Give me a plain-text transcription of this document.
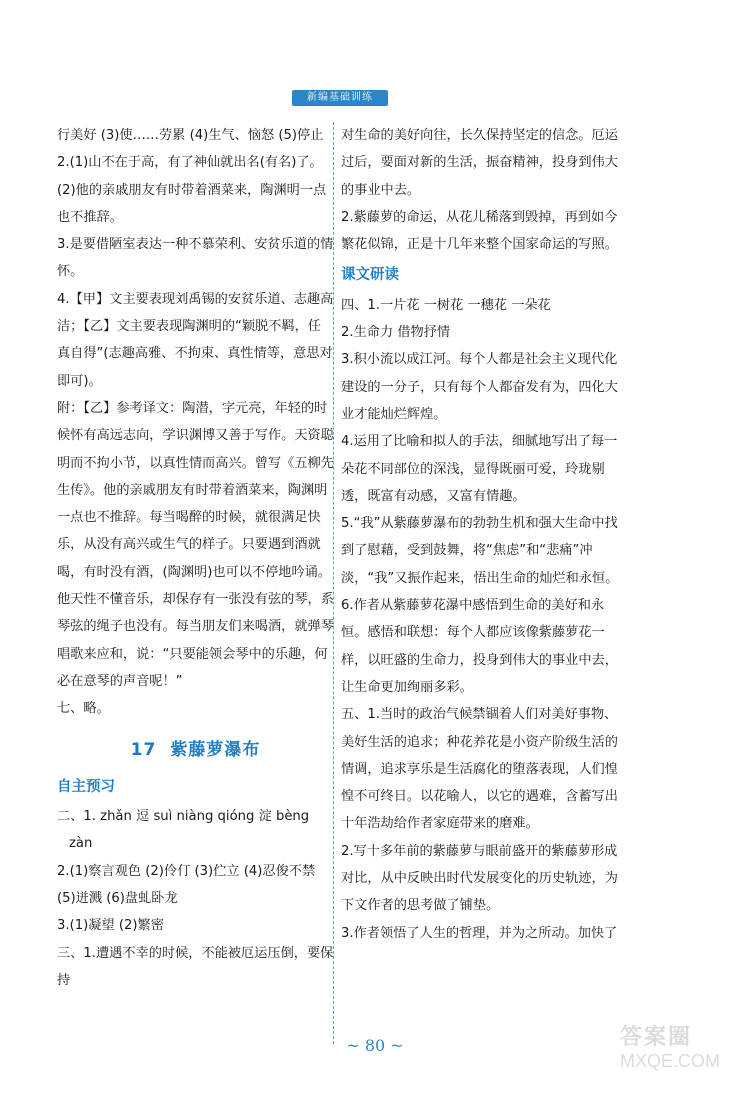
新编基础训练

行美好 (3)使……劳累 (4)生气、恼怒 (5)停止

2.(1)山不在于高，有了神仙就出名(有名)了。

(2)他的亲戚朋友有时带着酒菜来，陶渊明一点也不推辞。

3.是要借陋室表达一种不慕荣利、安贫乐道的情怀。

4.【甲】文主要表现刘禹锡的安贫乐道、志趣高洁；【乙】文主要表现陶渊明的“颖脱不羁，任真自得”(志趣高雅、不拘束、真性情等，意思对即可)。

附：【乙】参考译文：陶潜，字元亮，年轻的时候怀有高远志向，学识渊博又善于写作。天资聪明而不拘小节，以真性情而高兴。曾写《五柳先生传》。他的亲戚朋友有时带着酒菜来，陶渊明一点也不推辞。每当喝醉的时候，就很满足快乐，从没有高兴或生气的样子。只要遇到酒就喝，有时没有酒，(陶渊明)也可以不停地吟诵。他天性不懂音乐，却保存有一张没有弦的琴，系琴弦的绳子也没有。每当朋友们来喝酒，就弹琴唱歌来应和，说：“只要能领会琴中的乐趣，何必在意琴的声音呢！”

七、略。

17 紫藤萝瀑布
自主预习

二、1. zhǎn 逗 suì niàng qióng 淀 bèng

zàn

2.(1)察言观色 (2)伶仃 (3)伫立 (4)忍俊不禁 (5)迸溅 (6)盘虬卧龙

3.(1)凝望 (2)繁密

三、1.遭遇不幸的时候，不能被厄运压倒，要保持

对生命的美好向往，长久保持坚定的信念。厄运过后，要面对新的生活，振奋精神，投身到伟大的事业中去。

2.紫藤萝的命运，从花儿稀落到毁掉，再到如今繁花似锦，正是十几年来整个国家命运的写照。

课文研读

四、1.一片花 一树花 一穗花 一朵花

2.生命力 借物抒情

3.积小流以成江河。每个人都是社会主义现代化建设的一分子，只有每个人都奋发有为，四化大业才能灿烂辉煌。

4.运用了比喻和拟人的手法，细腻地写出了每一朵花不同部位的深浅，显得既丽可爱，玲珑剔透，既富有动感，又富有情趣。

5.“我”从紫藤萝瀑布的勃勃生机和强大生命中找到了慰藉，受到鼓舞，将“焦虑”和“悲痛”冲淡，“我”又振作起来，悟出生命的灿烂和永恒。

6.作者从紫藤萝花瀑中感悟到生命的美好和永恒。感悟和联想：每个人都应该像紫藤萝花一样，以旺盛的生命力，投身到伟大的事业中去，让生命更加绚丽多彩。

五、1.当时的政治气候禁锢着人们对美好事物、美好生活的追求；种花养花是小资产阶级生活的情调，追求享乐是生活腐化的堕落表现，人们惶惶不可终日。以花喻人，以它的遇难，含蓄写出十年浩劫给作者家庭带来的磨难。

2.写十多年前的紫藤萝与眼前盛开的紫藤萝形成对比，从中反映出时代发展变化的历史轨迹，为下文作者的思考做了铺垫。

3.作者领悟了人生的哲理，并为之所动。加快了

~ 80 ~	答案圈
MXQE.COM
